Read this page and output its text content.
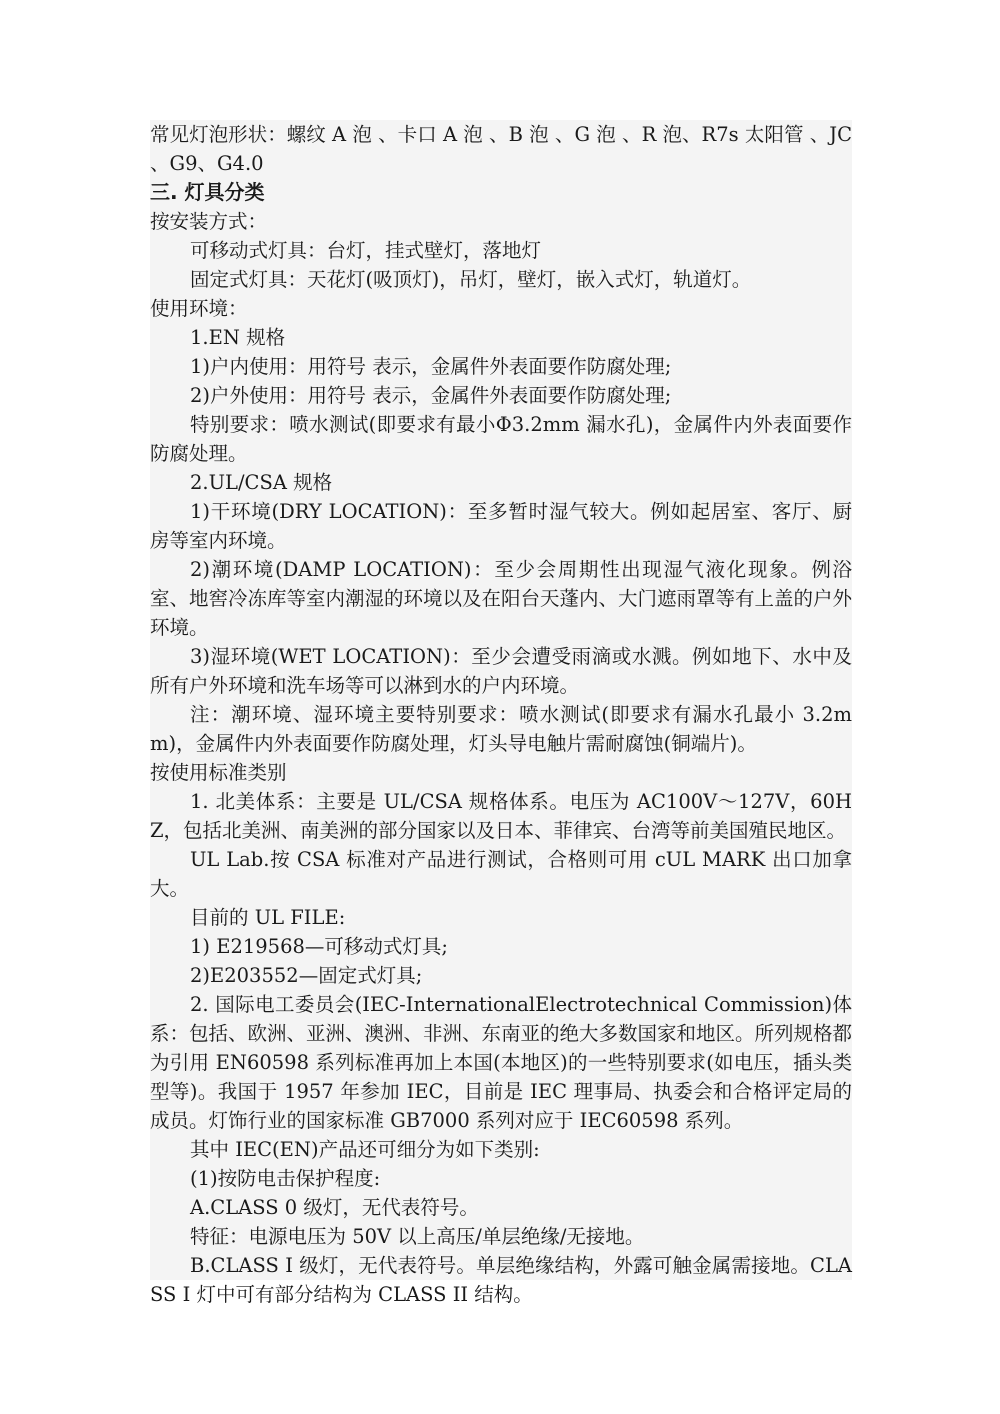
常见灯泡形状：螺纹 A 泡 、卡口 A 泡 、B 泡 、G 泡 、R 泡、R7s 太阳管 、JC 、G9、G4.0

三. 灯具分类

按安装方式：

可移动式灯具：台灯，挂式壁灯，落地灯

固定式灯具：天花灯(吸顶灯)，吊灯，壁灯，嵌入式灯，轨道灯。

使用环境：

1.EN 规格

1)户内使用：用符号 表示，金属件外表面要作防腐处理;

2)户外使用：用符号 表示，金属件外表面要作防腐处理;

特别要求：喷水测试(即要求有最小Φ3.2mm 漏水孔)，金属件内外表面要作防腐处理。

2.UL/CSA 规格

1)干环境(DRY LOCATION)：至多暂时湿气较大。例如起居室、客厅、厨房等室内环境。

2)潮环境(DAMP LOCATION)：至少会周期性出现湿气液化现象。例浴室、地窖冷冻库等室内潮湿的环境以及在阳台天蓬内、大门遮雨罩等有上盖的户外环境。

3)湿环境(WET LOCATION)：至少会遭受雨滴或水溅。例如地下、水中及所有户外环境和洗车场等可以淋到水的户内环境。

注：潮环境、湿环境主要特别要求：喷水测试(即要求有漏水孔最小 3.2mm)，金属件内外表面要作防腐处理，灯头导电触片需耐腐蚀(铜端片)。

按使用标准类别

1. 北美体系：主要是 UL/CSA 规格体系。电压为 AC100V～127V，60HZ，包括北美洲、南美洲的部分国家以及日本、菲律宾、台湾等前美国殖民地区。

UL Lab.按 CSA 标准对产品进行测试，合格则可用 cUL MARK 出口加拿大。

目前的 UL FILE:

1) E219568—可移动式灯具;

2)E203552—固定式灯具;

2. 国际电工委员会(IEC-InternationalElectrotechnical Commission)体系：包括、欧洲、亚洲、澳洲、非洲、东南亚的绝大多数国家和地区。所列规格都为引用 EN60598 系列标准再加上本国(本地区)的一些特别要求(如电压，插头类型等)。我国于 1957 年参加 IEC，目前是 IEC 理事局、执委会和合格评定局的成员。灯饰行业的国家标准 GB7000 系列对应于 IEC60598 系列。

其中 IEC(EN)产品还可细分为如下类别:

(1)按防电击保护程度:

A.CLASS 0 级灯，无代表符号。

特征：电源电压为 50V 以上高压/单层绝缘/无接地。

B.CLASS I 级灯，无代表符号。单层绝缘结构，外露可触金属需接地。CLASS I 灯中可有部分结构为 CLASS II 结构。
